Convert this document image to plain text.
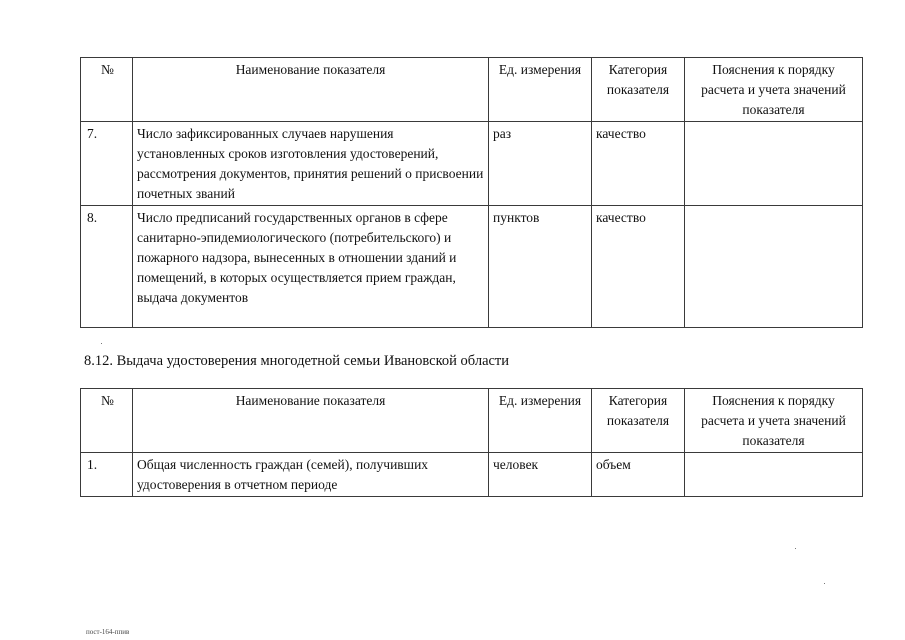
№	Наименование показателя	Ед. измерения	Категория показателя	Пояснения к порядку расчета и учета значений показателя
7.	Число зафиксированных случаев нарушения установленных сроков изготовления удостоверений, рассмотрения документов, принятия решений о присвоении почетных званий	раз	качество	
8.	Число предписаний государственных органов в сфере санитарно-эпидемиологического (потребительского) и пожарного надзора, вынесенных в отношении зданий и помещений, в которых осуществляется прием граждан, выдача документов	пунктов	качество	

8.12. Выдача удостоверения многодетной семьи Ивановской области

№	Наименование показателя	Ед. измерения	Категория показателя	Пояснения к порядку расчета и учета значений показателя
1.	Общая численность граждан (семей), получивших удостоверения в отчетном периоде	человек	объем	
пост-164-ппив
